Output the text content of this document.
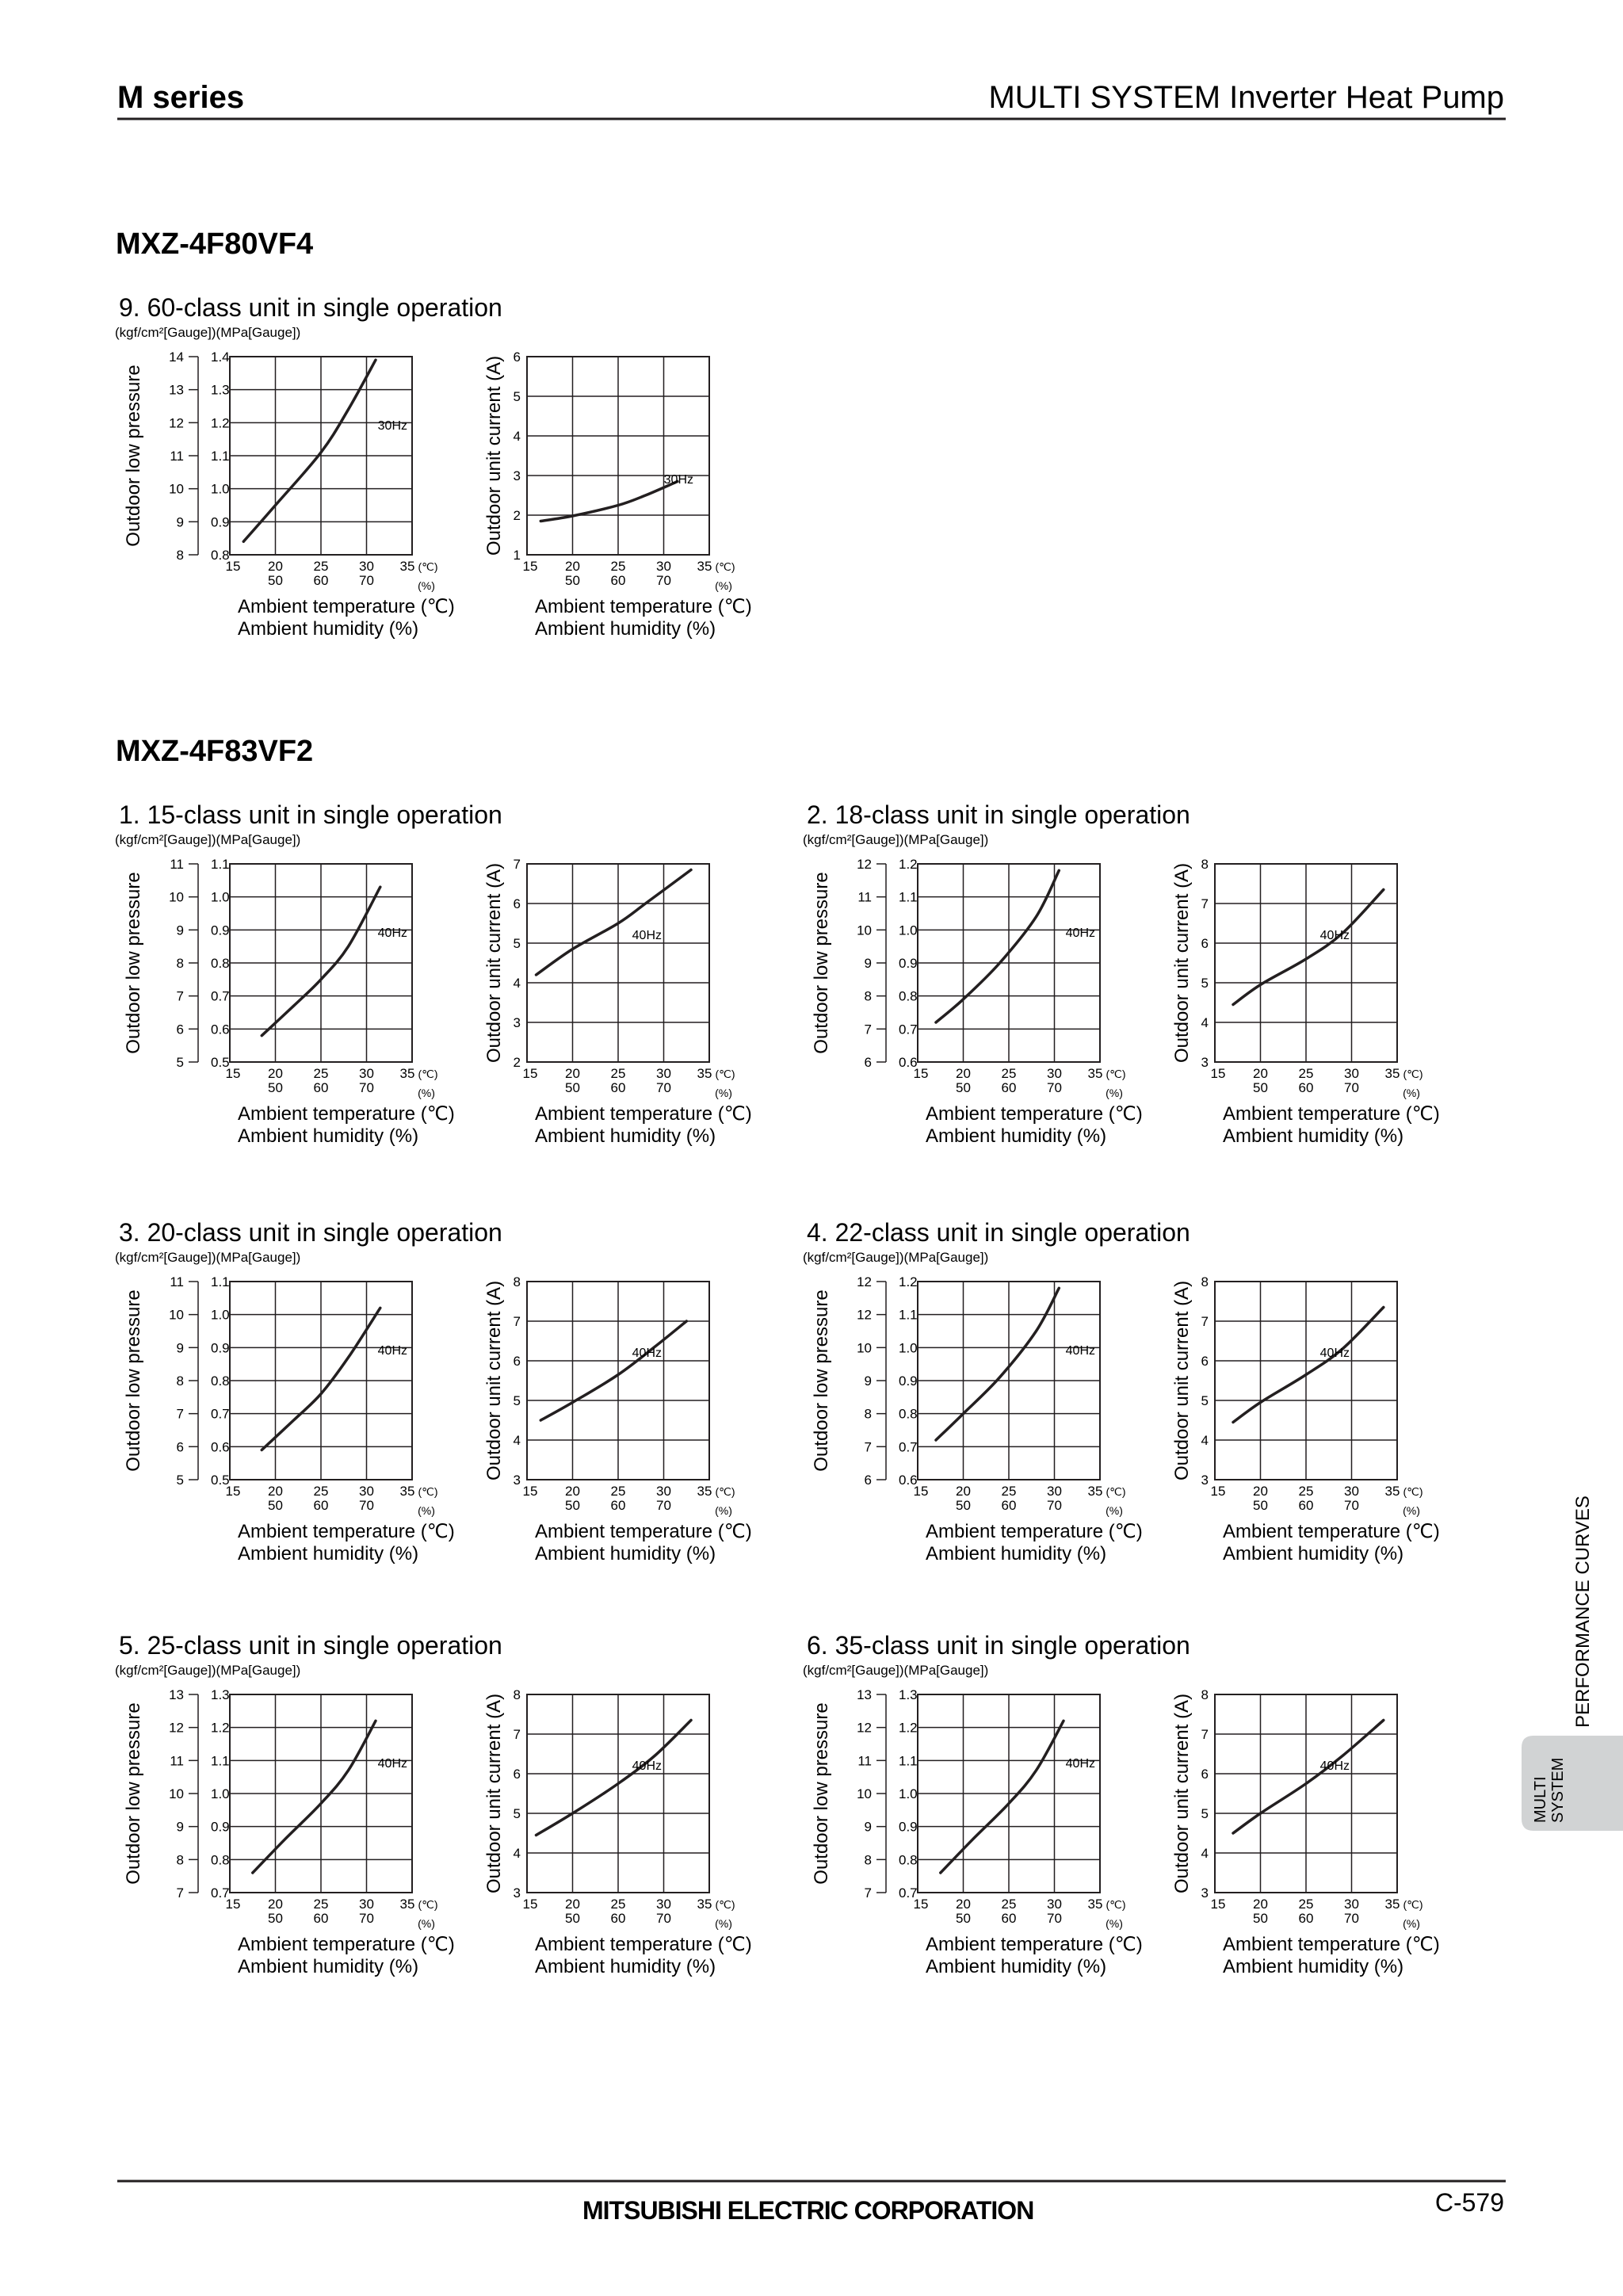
M series	MULTI SYSTEM Inverter Heat Pump
MXZ-4F80VF4
MXZ-4F83VF2
9. 60-class unit in single operation
(kgf/cm²[Gauge])(MPa[Gauge])
8 0.8
9 0.9
10 1.0
11 1.1
12 1.2
13 1.3
14 1.4
Outdoor low pressure
15 20 25 30 35
50 60 70
(℃)
(%)
Ambient temperature (℃)
Ambient humidity (%)
30Hz
1
2
3
4
5
6
Outdoor unit current (A)
15 20 25 30 35
50 60 70
(℃)
(%)
Ambient temperature (℃)
Ambient humidity (%)
30Hz
1. 15-class unit in single operation
(kgf/cm²[Gauge])(MPa[Gauge])
5 0.5
6 0.6
7 0.7
8 0.8
9 0.9
10 1.0
11 1.1
Outdoor low pressure
15 20 25 30 35
50 60 70
(℃)
(%)
Ambient temperature (℃)
Ambient humidity (%)
40Hz
2
3
4
5
6
7
Outdoor unit current (A)
15 20 25 30 35
50 60 70
(℃)
(%)
Ambient temperature (℃)
Ambient humidity (%)
40Hz
2. 18-class unit in single operation
(kgf/cm²[Gauge])(MPa[Gauge])
6 0.6
7 0.7
8 0.8
9 0.9
10 1.0
11 1.1
12 1.2
Outdoor low pressure
15 20 25 30 35
50 60 70
(℃)
(%)
Ambient temperature (℃)
Ambient humidity (%)
40Hz
3
4
5
6
7
8
Outdoor unit current (A)
15 20 25 30 35
50 60 70
(℃)
(%)
Ambient temperature (℃)
Ambient humidity (%)
40Hz
3. 20-class unit in single operation
(kgf/cm²[Gauge])(MPa[Gauge])
5 0.5
6 0.6
7 0.7
8 0.8
9 0.9
10 1.0
11 1.1
Outdoor low pressure
15 20 25 30 35
50 60 70
(℃)
(%)
Ambient temperature (℃)
Ambient humidity (%)
40Hz
3
4
5
6
7
8
Outdoor unit current (A)
15 20 25 30 35
50 60 70
(℃)
(%)
Ambient temperature (℃)
Ambient humidity (%)
40Hz
4. 22-class unit in single operation
(kgf/cm²[Gauge])(MPa[Gauge])
6 0.6
7 0.7
8 0.8
9 0.9
10 1.0
12 1.1
12 1.2
Outdoor low pressure
15 20 25 30 35
50 60 70
(℃)
(%)
Ambient temperature (℃)
Ambient humidity (%)
40Hz
3
4
5
6
7
8
Outdoor unit current (A)
15 20 25 30 35
50 60 70
(℃)
(%)
Ambient temperature (℃)
Ambient humidity (%)
40Hz
5. 25-class unit in single operation
(kgf/cm²[Gauge])(MPa[Gauge])
7 0.7
8 0.8
9 0.9
10 1.0
11 1.1
12 1.2
13 1.3
Outdoor low pressure
15 20 25 30 35
50 60 70
(℃)
(%)
Ambient temperature (℃)
Ambient humidity (%)
40Hz
3
4
5
6
7
8
Outdoor unit current (A)
15 20 25 30 35
50 60 70
(℃)
(%)
Ambient temperature (℃)
Ambient humidity (%)
40Hz
6. 35-class unit in single operation
(kgf/cm²[Gauge])(MPa[Gauge])
7 0.7
8 0.8
9 0.9
10 1.0
11 1.1
12 1.2
13 1.3
Outdoor low pressure
15 20 25 30 35
50 60 70
(℃)
(%)
Ambient temperature (℃)
Ambient humidity (%)
40Hz
3
4
5
6
7
8
Outdoor unit current (A)
15 20 25 30 35
50 60 70
(℃)
(%)
Ambient temperature (℃)
Ambient humidity (%)
40Hz
PERFORMANCE CURVES
MULTI SYSTEM
MITSUBISHI ELECTRIC CORPORATION	C-579
